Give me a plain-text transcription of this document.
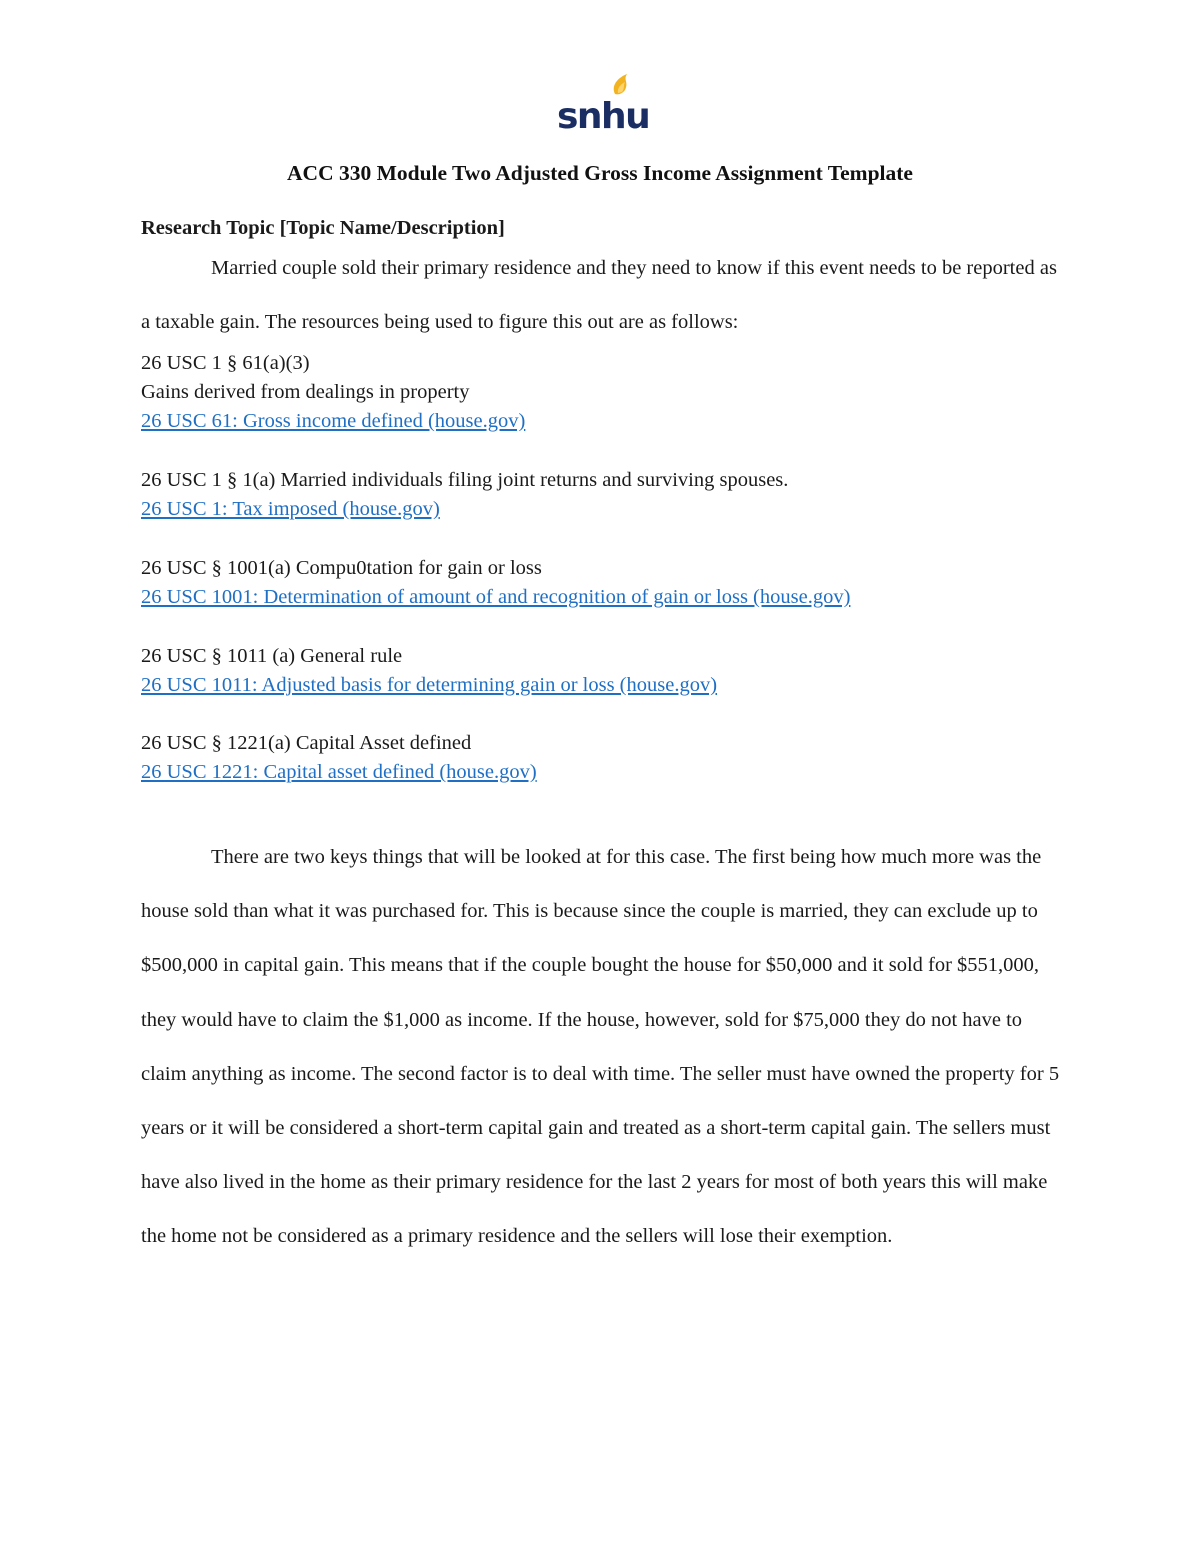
snhu
ACC 330 Module Two Adjusted Gross Income Assignment Template
Research Topic [Topic Name/Description]
Married couple sold their primary residence and they need to know if this event needs to be reported as a taxable gain. The resources being used to figure this out are as follows:
26 USC 1 § 61(a)(3)
Gains derived from dealings in property
26 USC 61: Gross income defined (house.gov)
26 USC 1 § 1(a) Married individuals filing joint returns and surviving spouses.
26 USC 1: Tax imposed (house.gov)
26 USC § 1001(a) Compu0tation for gain or loss
26 USC 1001: Determination of amount of and recognition of gain or loss (house.gov)
26 USC § 1011 (a) General rule
26 USC 1011: Adjusted basis for determining gain or loss (house.gov)
26 USC § 1221(a) Capital Asset defined
26 USC 1221: Capital asset defined (house.gov)
There are two keys things that will be looked at for this case. The first being how much more was the house sold than what it was purchased for. This is because since the couple is married, they can exclude up to $500,000 in capital gain. This means that if the couple bought the house for $50,000 and it sold for $551,000, they would have to claim the $1,000 as income. If the house, however, sold for $75,000 they do not have to claim anything as income. The second factor is to deal with time. The seller must have owned the property for 5 years or it will be considered a short-term capital gain and treated as a short-term capital gain. The sellers must have also lived in the home as their primary residence for the last 2 years for most of both years this will make the home not be considered as a primary residence and the sellers will lose their exemption.
